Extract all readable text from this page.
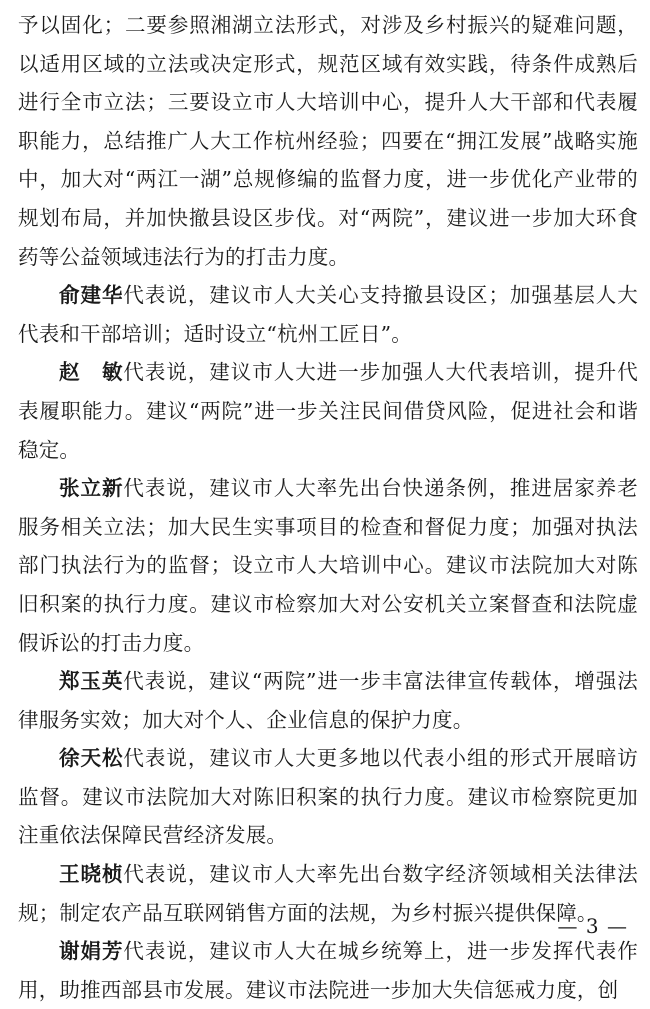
予以固化；二要参照湘湖立法形式，对涉及乡村振兴的疑难问题，以适用区域的立法或决定形式，规范区域有效实践，待条件成熟后进行全市立法；三要设立市人大培训中心，提升人大干部和代表履职能力，总结推广人大工作杭州经验；四要在“拥江发展”战略实施中，加大对“两江一湖”总规修编的监督力度，进一步优化产业带的规划布局，并加快撤县设区步伐。对“两院”，建议进一步加大环食药等公益领域违法行为的打击力度。

俞建华代表说，建议市人大关心支持撤县设区；加强基层人大代表和干部培训；适时设立“杭州工匠日”。

赵　敏代表说，建议市人大进一步加强人大代表培训，提升代表履职能力。建议“两院”进一步关注民间借贷风险，促进社会和谐稳定。

张立新代表说，建议市人大率先出台快递条例，推进居家养老服务相关立法；加大民生实事项目的检查和督促力度；加强对执法部门执法行为的监督；设立市人大培训中心。建议市法院加大对陈旧积案的执行力度。建议市检察加大对公安机关立案督查和法院虚假诉讼的打击力度。

郑玉英代表说，建议“两院”进一步丰富法律宣传载体，增强法律服务实效；加大对个人、企业信息的保护力度。

徐天松代表说，建议市人大更多地以代表小组的形式开展暗访监督。建议市法院加大对陈旧积案的执行力度。建议市检察院更加注重依法保障民营经济发展。

王晓桢代表说，建议市人大率先出台数字经济领域相关法律法规；制定农产品互联网销售方面的法规，为乡村振兴提供保障。

谢娟芳代表说，建议市人大在城乡统筹上，进一步发挥代表作用，助推西部县市发展。建议市法院进一步加大失信惩戒力度，创

— 3 —
